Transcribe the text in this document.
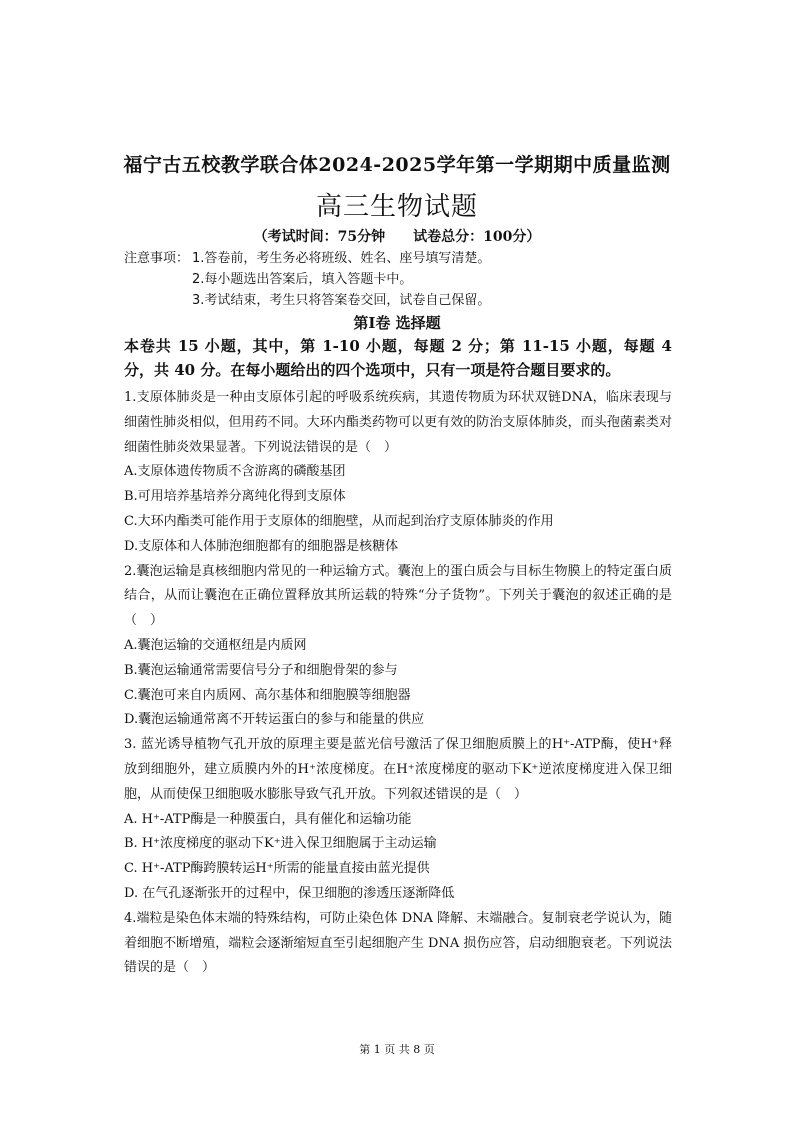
福宁古五校教学联合体2024-2025学年第一学期期中质量监测
高三生物试题
（考试时间：75分钟　　试卷总分：100分）
注意事项： 1.答卷前，考生务必将班级、姓名、座号填写清楚。
2.每小题选出答案后，填入答题卡中。
3.考试结束，考生只将答案卷交回，试卷自己保留。
第Ⅰ卷 选择题
本卷共 15 小题，其中，第 1-10 小题，每题 2 分；第 11-15 小题，每题 4 分，共 40 分。在每小题给出的四个选项中，只有一项是符合题目要求的。

1.支原体肺炎是一种由支原体引起的呼吸系统疾病，其遗传物质为环状双链DNA，临床表现与细菌性肺炎相似，但用药不同。大环内酯类药物可以更有效的防治支原体肺炎，而头孢菌素类对细菌性肺炎效果显著。下列说法错误的是（　）

A.支原体遗传物质不含游离的磷酸基团

B.可用培养基培养分离纯化得到支原体

C.大环内酯类可能作用于支原体的细胞壁，从而起到治疗支原体肺炎的作用

D.支原体和人体肺泡细胞都有的细胞器是核糖体

2.囊泡运输是真核细胞内常见的一种运输方式。囊泡上的蛋白质会与目标生物膜上的特定蛋白质结合，从而让囊泡在正确位置释放其所运载的特殊“分子货物”。下列关于囊泡的叙述正确的是（　）

A.囊泡运输的交通枢纽是内质网

B.囊泡运输通常需要信号分子和细胞骨架的参与

C.囊泡可来自内质网、高尔基体和细胞膜等细胞器

D.囊泡运输通常离不开转运蛋白的参与和能量的供应

3. 蓝光诱导植物气孔开放的原理主要是蓝光信号激活了保卫细胞质膜上的H⁺-ATP酶，使H⁺释放到细胞外，建立质膜内外的H⁺浓度梯度。在H⁺浓度梯度的驱动下K⁺逆浓度梯度进入保卫细胞，从而使保卫细胞吸水膨胀导致气孔开放。下列叙述错误的是（　）

A. H⁺-ATP酶是一种膜蛋白，具有催化和运输功能

B. H⁺浓度梯度的驱动下K⁺进入保卫细胞属于主动运输

C. H⁺-ATP酶跨膜转运H⁺所需的能量直接由蓝光提供

D. 在气孔逐渐张开的过程中，保卫细胞的渗透压逐渐降低

4.端粒是染色体末端的特殊结构，可防止染色体 DNA 降解、末端融合。复制衰老学说认为，随着细胞不断增殖，端粒会逐渐缩短直至引起细胞产生 DNA 损伤应答，启动细胞衰老。下列说法错误的是（　）

第 1 页 共 8 页
